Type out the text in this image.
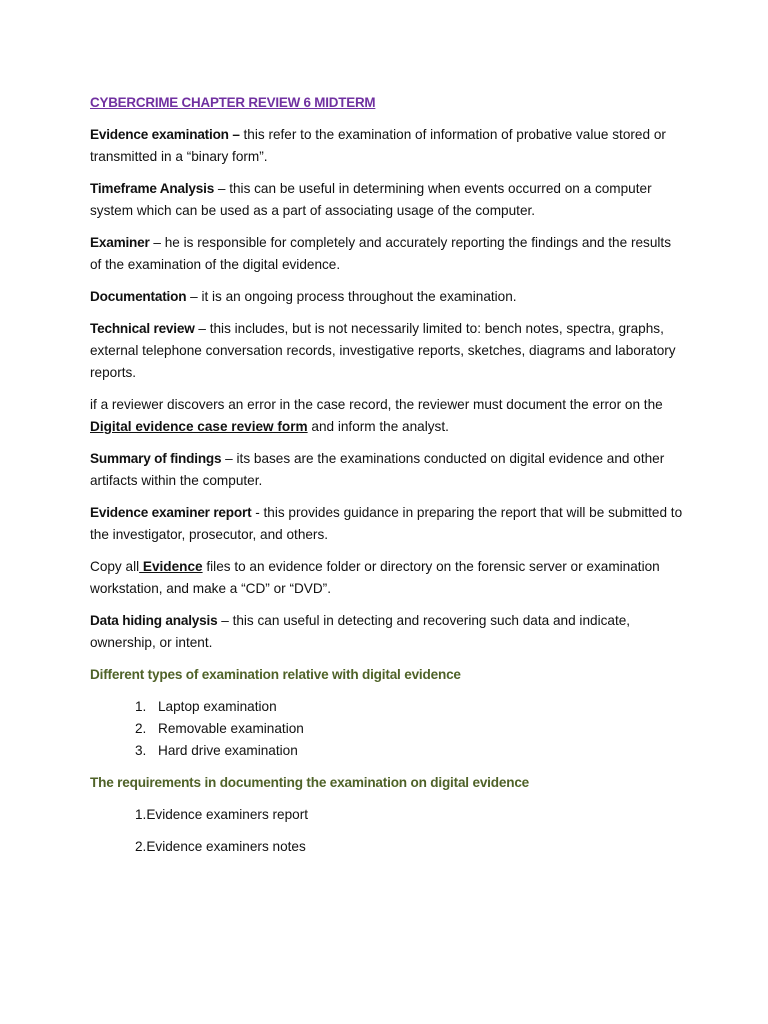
CYBERCRIME CHAPTER REVIEW 6 MIDTERM

Evidence examination – this refer to the examination of information of probative value stored or transmitted in a “binary form”.

Timeframe Analysis – this can be useful in determining when events occurred on a computer system which can be used as a part of associating usage of the computer.

Examiner – he is responsible for completely and accurately reporting the findings and the results of the examination of the digital evidence.

Documentation – it is an ongoing process throughout the examination.

Technical review – this includes, but is not necessarily limited to: bench notes, spectra, graphs, external telephone conversation records, investigative reports, sketches, diagrams and laboratory reports.

if a reviewer discovers an error in the case record, the reviewer must document the error on the Digital evidence case review form and inform the analyst.

Summary of findings – its bases are the examinations conducted on digital evidence and other artifacts within the computer.

Evidence examiner report - this provides guidance in preparing the report that will be submitted to the investigator, prosecutor, and others.

Copy all Evidence files to an evidence folder or directory on the forensic server or examination workstation, and make a “CD” or “DVD”.

Data hiding analysis – this can useful in detecting and recovering such data and indicate, ownership, or intent.

Different types of examination relative with digital evidence
1. Laptop examination
2. Removable examination
3. Hard drive examination
The requirements in documenting the examination on digital evidence

1.Evidence examiners report

2.Evidence examiners notes
